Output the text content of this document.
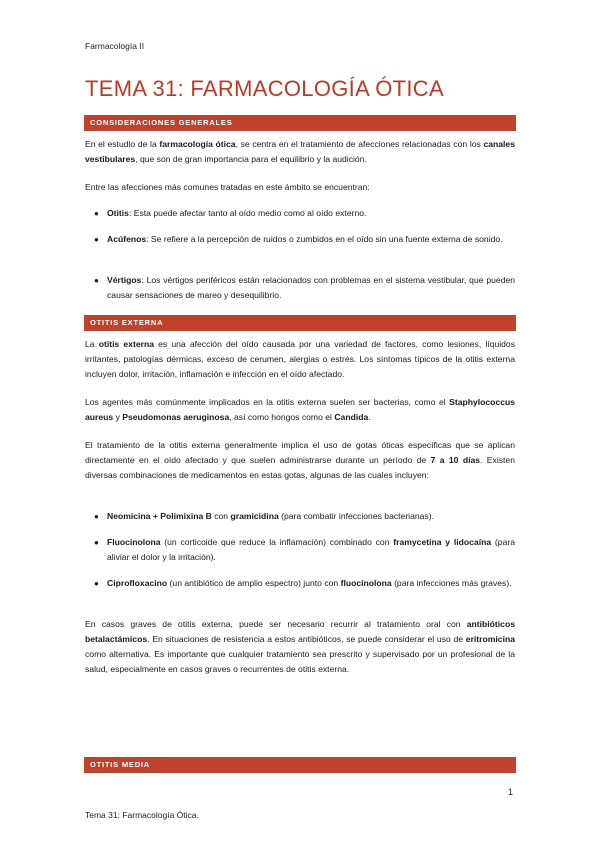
Farmacología II
TEMA 31: FARMACOLOGÍA ÓTICA
CONSIDERACIONES GENERALES

En el estudio de la farmacología ótica, se centra en el tratamiento de afecciones relacionadas con los canales vestibulares, que son de gran importancia para el equilibrio y la audición.

Entre las afecciones más comunes tratadas en este ámbito se encuentran:

● Otitis: Esta puede afectar tanto al oído medio como al oído externo.
● Acúfenos: Se refiere a la percepción de ruidos o zumbidos en el oído sin una fuente externa de sonido.
● Vértigos: Los vértigos periféricos están relacionados con problemas en el sistema vestibular, que pueden causar sensaciones de mareo y desequilibrio.
OTITIS EXTERNA

La otitis externa es una afección del oído causada por una variedad de factores, como lesiones, líquidos irritantes, patologías dérmicas, exceso de cerumen, alergias o estrés. Los síntomas típicos de la otitis externa incluyen dolor, irritación, inflamación e infección en el oído afectado.

Los agentes más comúnmente implicados en la otitis externa suelen ser bacterias, como el Staphylococcus aureus y Pseudomonas aeruginosa, así como hongos como el Candida.

El tratamiento de la otitis externa generalmente implica el uso de gotas óticas específicas que se aplican directamente en el oído afectado y que suelen administrarse durante un período de 7 a 10 días. Existen diversas combinaciones de medicamentos en estas gotas, algunas de las cuales incluyen:

● Neomicina + Polimixina B con gramicidina (para combatir infecciones bacterianas).
● Fluocinolona (un corticoide que reduce la inflamación) combinado con framycetina y lidocaína (para aliviar el dolor y la irritación).
● Ciprofloxacino (un antibiótico de amplio espectro) junto con fluocinolona (para infecciones más graves).

En casos graves de otitis externa, puede ser necesario recurrir al tratamiento oral con antibióticos betalactámicos. En situaciones de resistencia a estos antibióticos, se puede considerar el uso de eritromicina como alternativa. Es importante que cualquier tratamiento sea prescrito y supervisado por un profesional de la salud, especialmente en casos graves o recurrentes de otitis externa.

OTITIS MEDIA
1
Tema 31: Farmacología Ótica.
